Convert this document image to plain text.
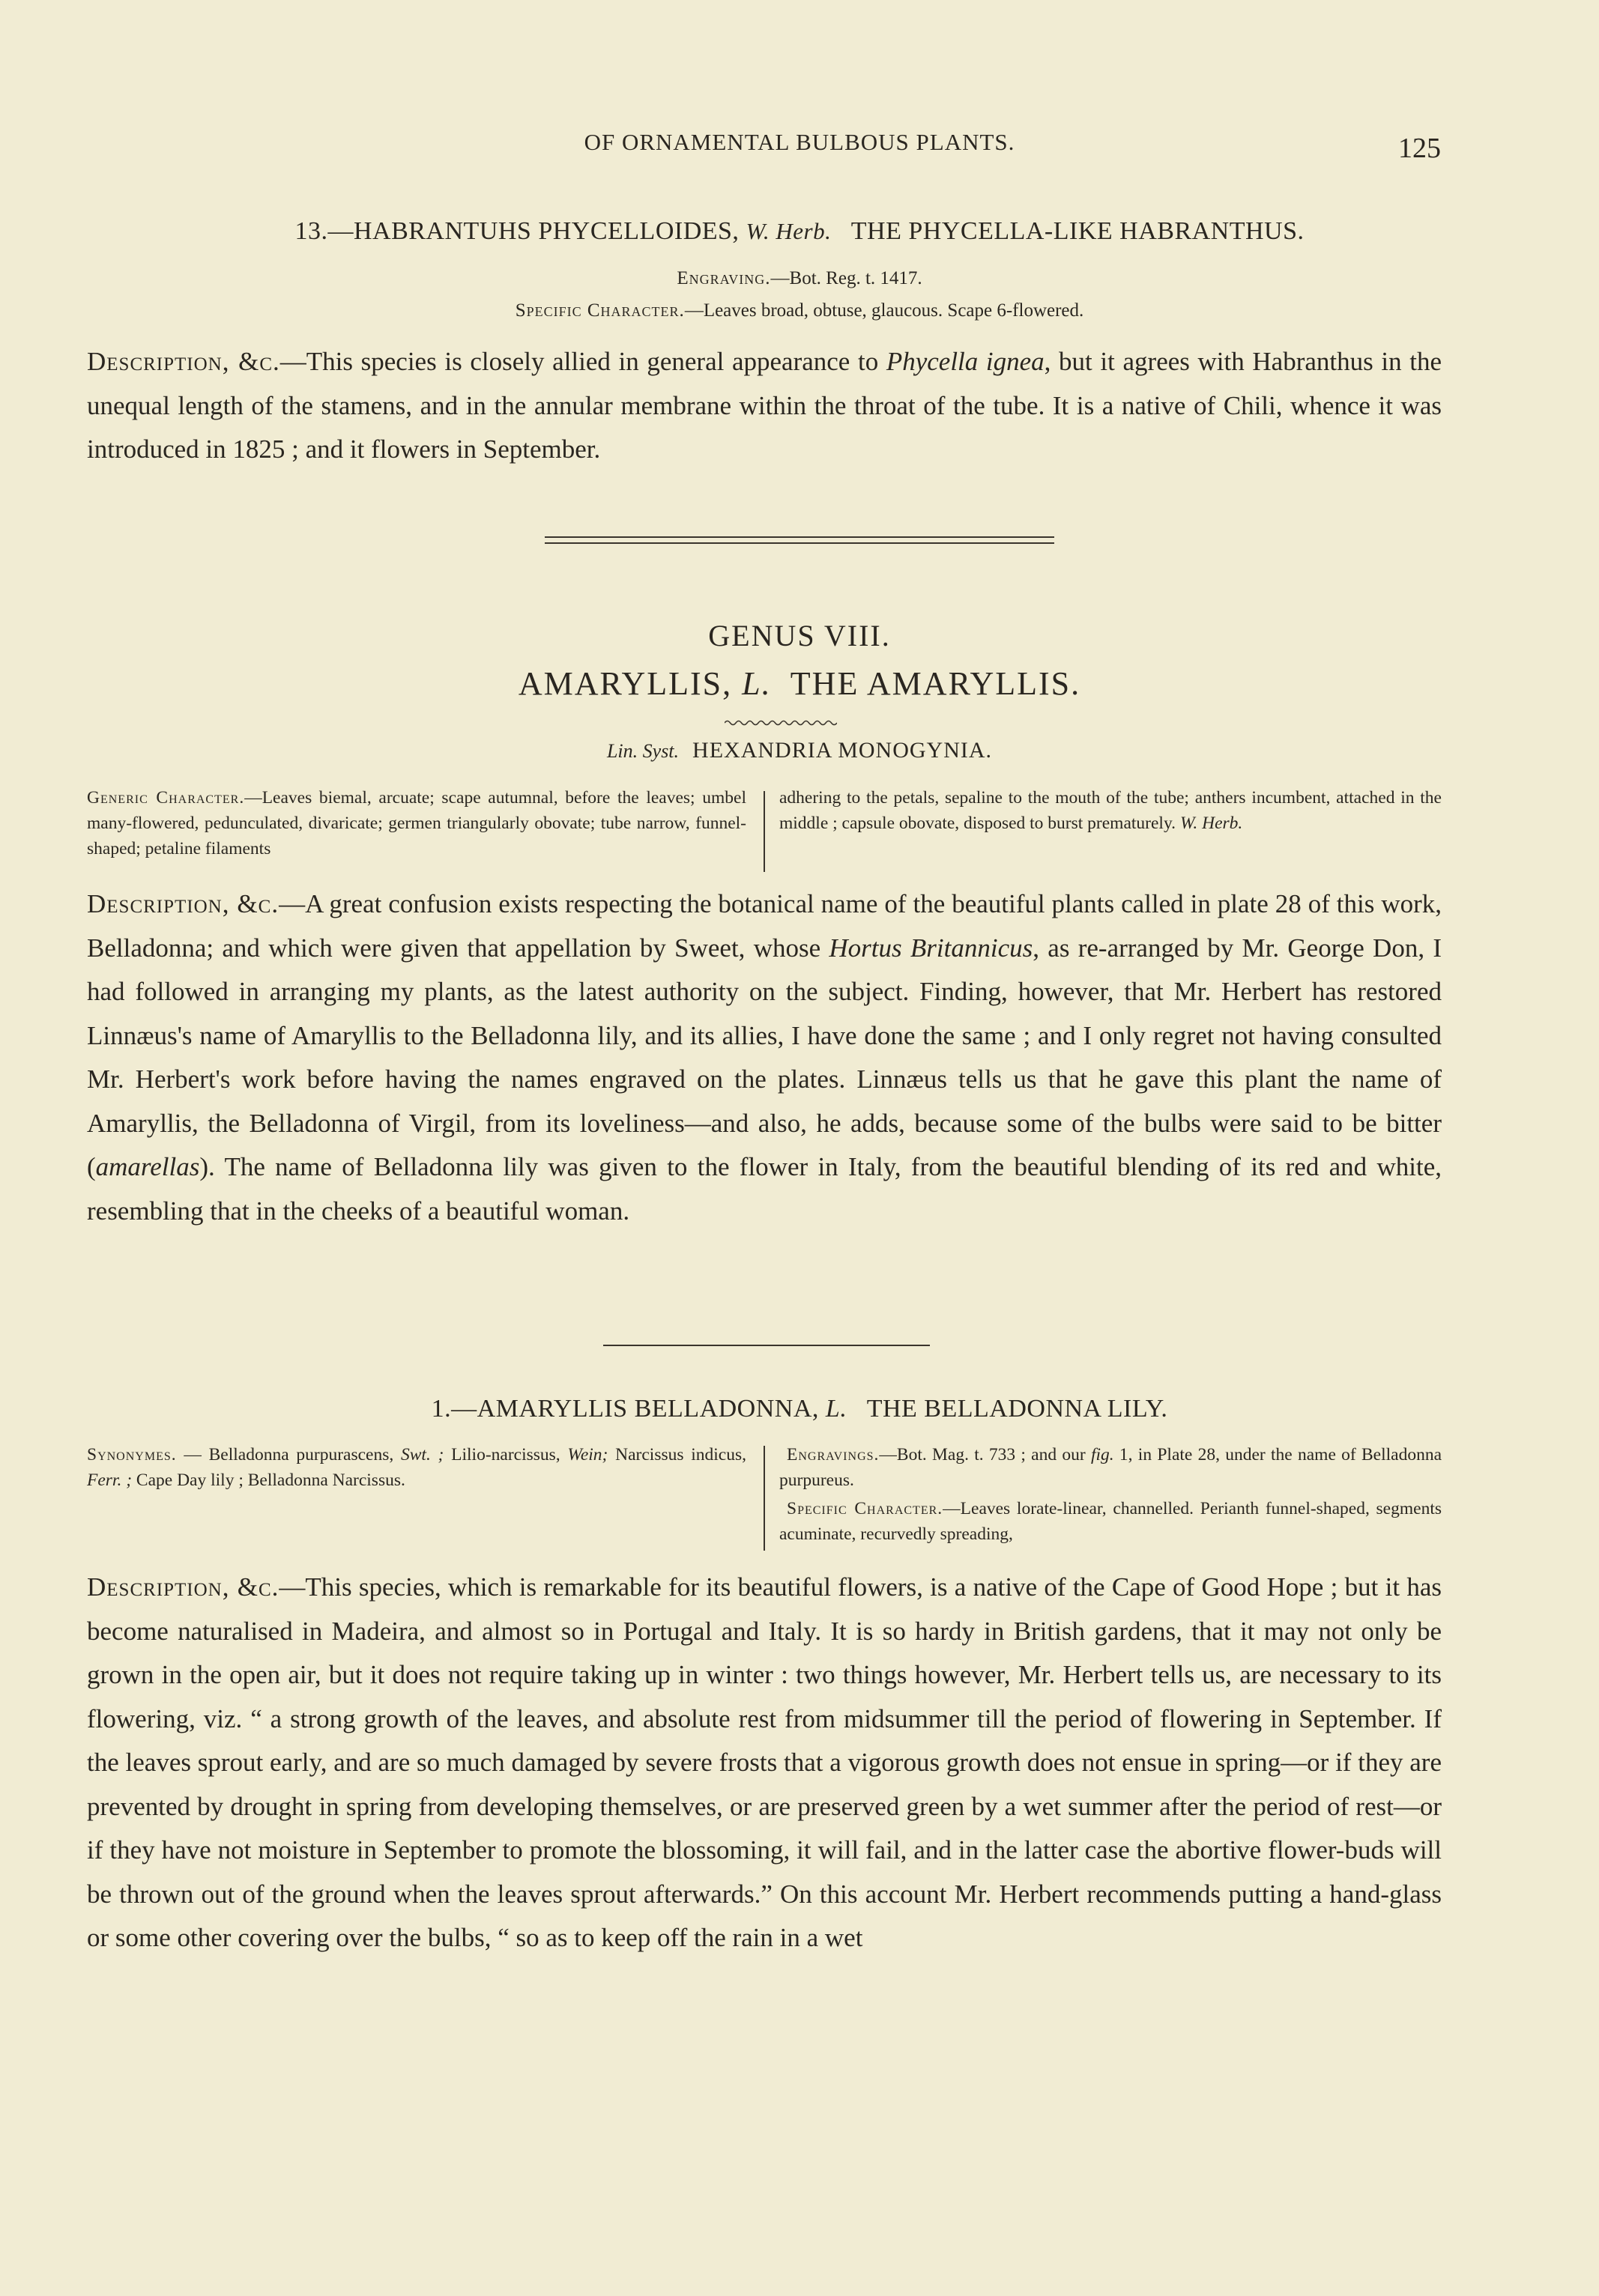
OF ORNAMENTAL BULBOUS PLANTS.	125
13.—HABRANTUHS PHYCELLOIDES, W. Herb. THE PHYCELLA-LIKE HABRANTHUS.
Engraving.—Bot. Reg. t. 1417.
Specific Character.—Leaves broad, obtuse, glaucous. Scape 6-flowered.
Description, &c.—This species is closely allied in general appearance to Phycella ignea, but it agrees with Habranthus in the unequal length of the stamens, and in the annular membrane within the throat of the tube. It is a native of Chili, whence it was introduced in 1825 ; and it flowers in September.
GENUS VIII.
AMARYLLIS, L. THE AMARYLLIS.
Lin. Syst. HEXANDRIA MONOGYNIA.
Generic Character.—Leaves biemal, arcuate; scape autumnal, before the leaves; umbel many-flowered, pedunculated, divaricate; germen triangularly obovate; tube narrow, funnel-shaped; petaline filaments
adhering to the petals, sepaline to the mouth of the tube; anthers incumbent, attached in the middle ; capsule obovate, disposed to burst prematurely. W. Herb.
Description, &c.—A great confusion exists respecting the botanical name of the beautiful plants called in plate 28 of this work, Belladonna; and which were given that appellation by Sweet, whose Hortus Britannicus, as re-arranged by Mr. George Don, I had followed in arranging my plants, as the latest authority on the subject. Finding, however, that Mr. Herbert has restored Linnæus's name of Amaryllis to the Belladonna lily, and its allies, I have done the same ; and I only regret not having consulted Mr. Herbert's work before having the names engraved on the plates. Linnæus tells us that he gave this plant the name of Amaryllis, the Belladonna of Virgil, from its loveliness—and also, he adds, because some of the bulbs were said to be bitter (amarellas). The name of Belladonna lily was given to the flower in Italy, from the beautiful blending of its red and white, resembling that in the cheeks of a beautiful woman.
1.—AMARYLLIS BELLADONNA, L. THE BELLADONNA LILY.
Synonymes. — Belladonna purpurascens, Swt. ; Lilio-narcissus, Wein; Narcissus indicus, Ferr. ; Cape Day lily ; Belladonna Narcissus.
Engravings.—Bot. Mag. t. 733 ; and our fig. 1, in Plate 28, under the name of Belladonna purpureus.
Specific Character.—Leaves lorate-linear, channelled. Perianth funnel-shaped, segments acuminate, recurvedly spreading,
Description, &c.—This species, which is remarkable for its beautiful flowers, is a native of the Cape of Good Hope ; but it has become naturalised in Madeira, and almost so in Portugal and Italy. It is so hardy in British gardens, that it may not only be grown in the open air, but it does not require taking up in winter : two things however, Mr. Herbert tells us, are necessary to its flowering, viz. “ a strong growth of the leaves, and absolute rest from midsummer till the period of flowering in September. If the leaves sprout early, and are so much damaged by severe frosts that a vigorous growth does not ensue in spring—or if they are prevented by drought in spring from developing themselves, or are preserved green by a wet summer after the period of rest—or if they have not moisture in September to promote the blossoming, it will fail, and in the latter case the abortive flower-buds will be thrown out of the ground when the leaves sprout afterwards.” On this account Mr. Herbert recommends putting a hand-glass or some other covering over the bulbs, “ so as to keep off the rain in a wet
